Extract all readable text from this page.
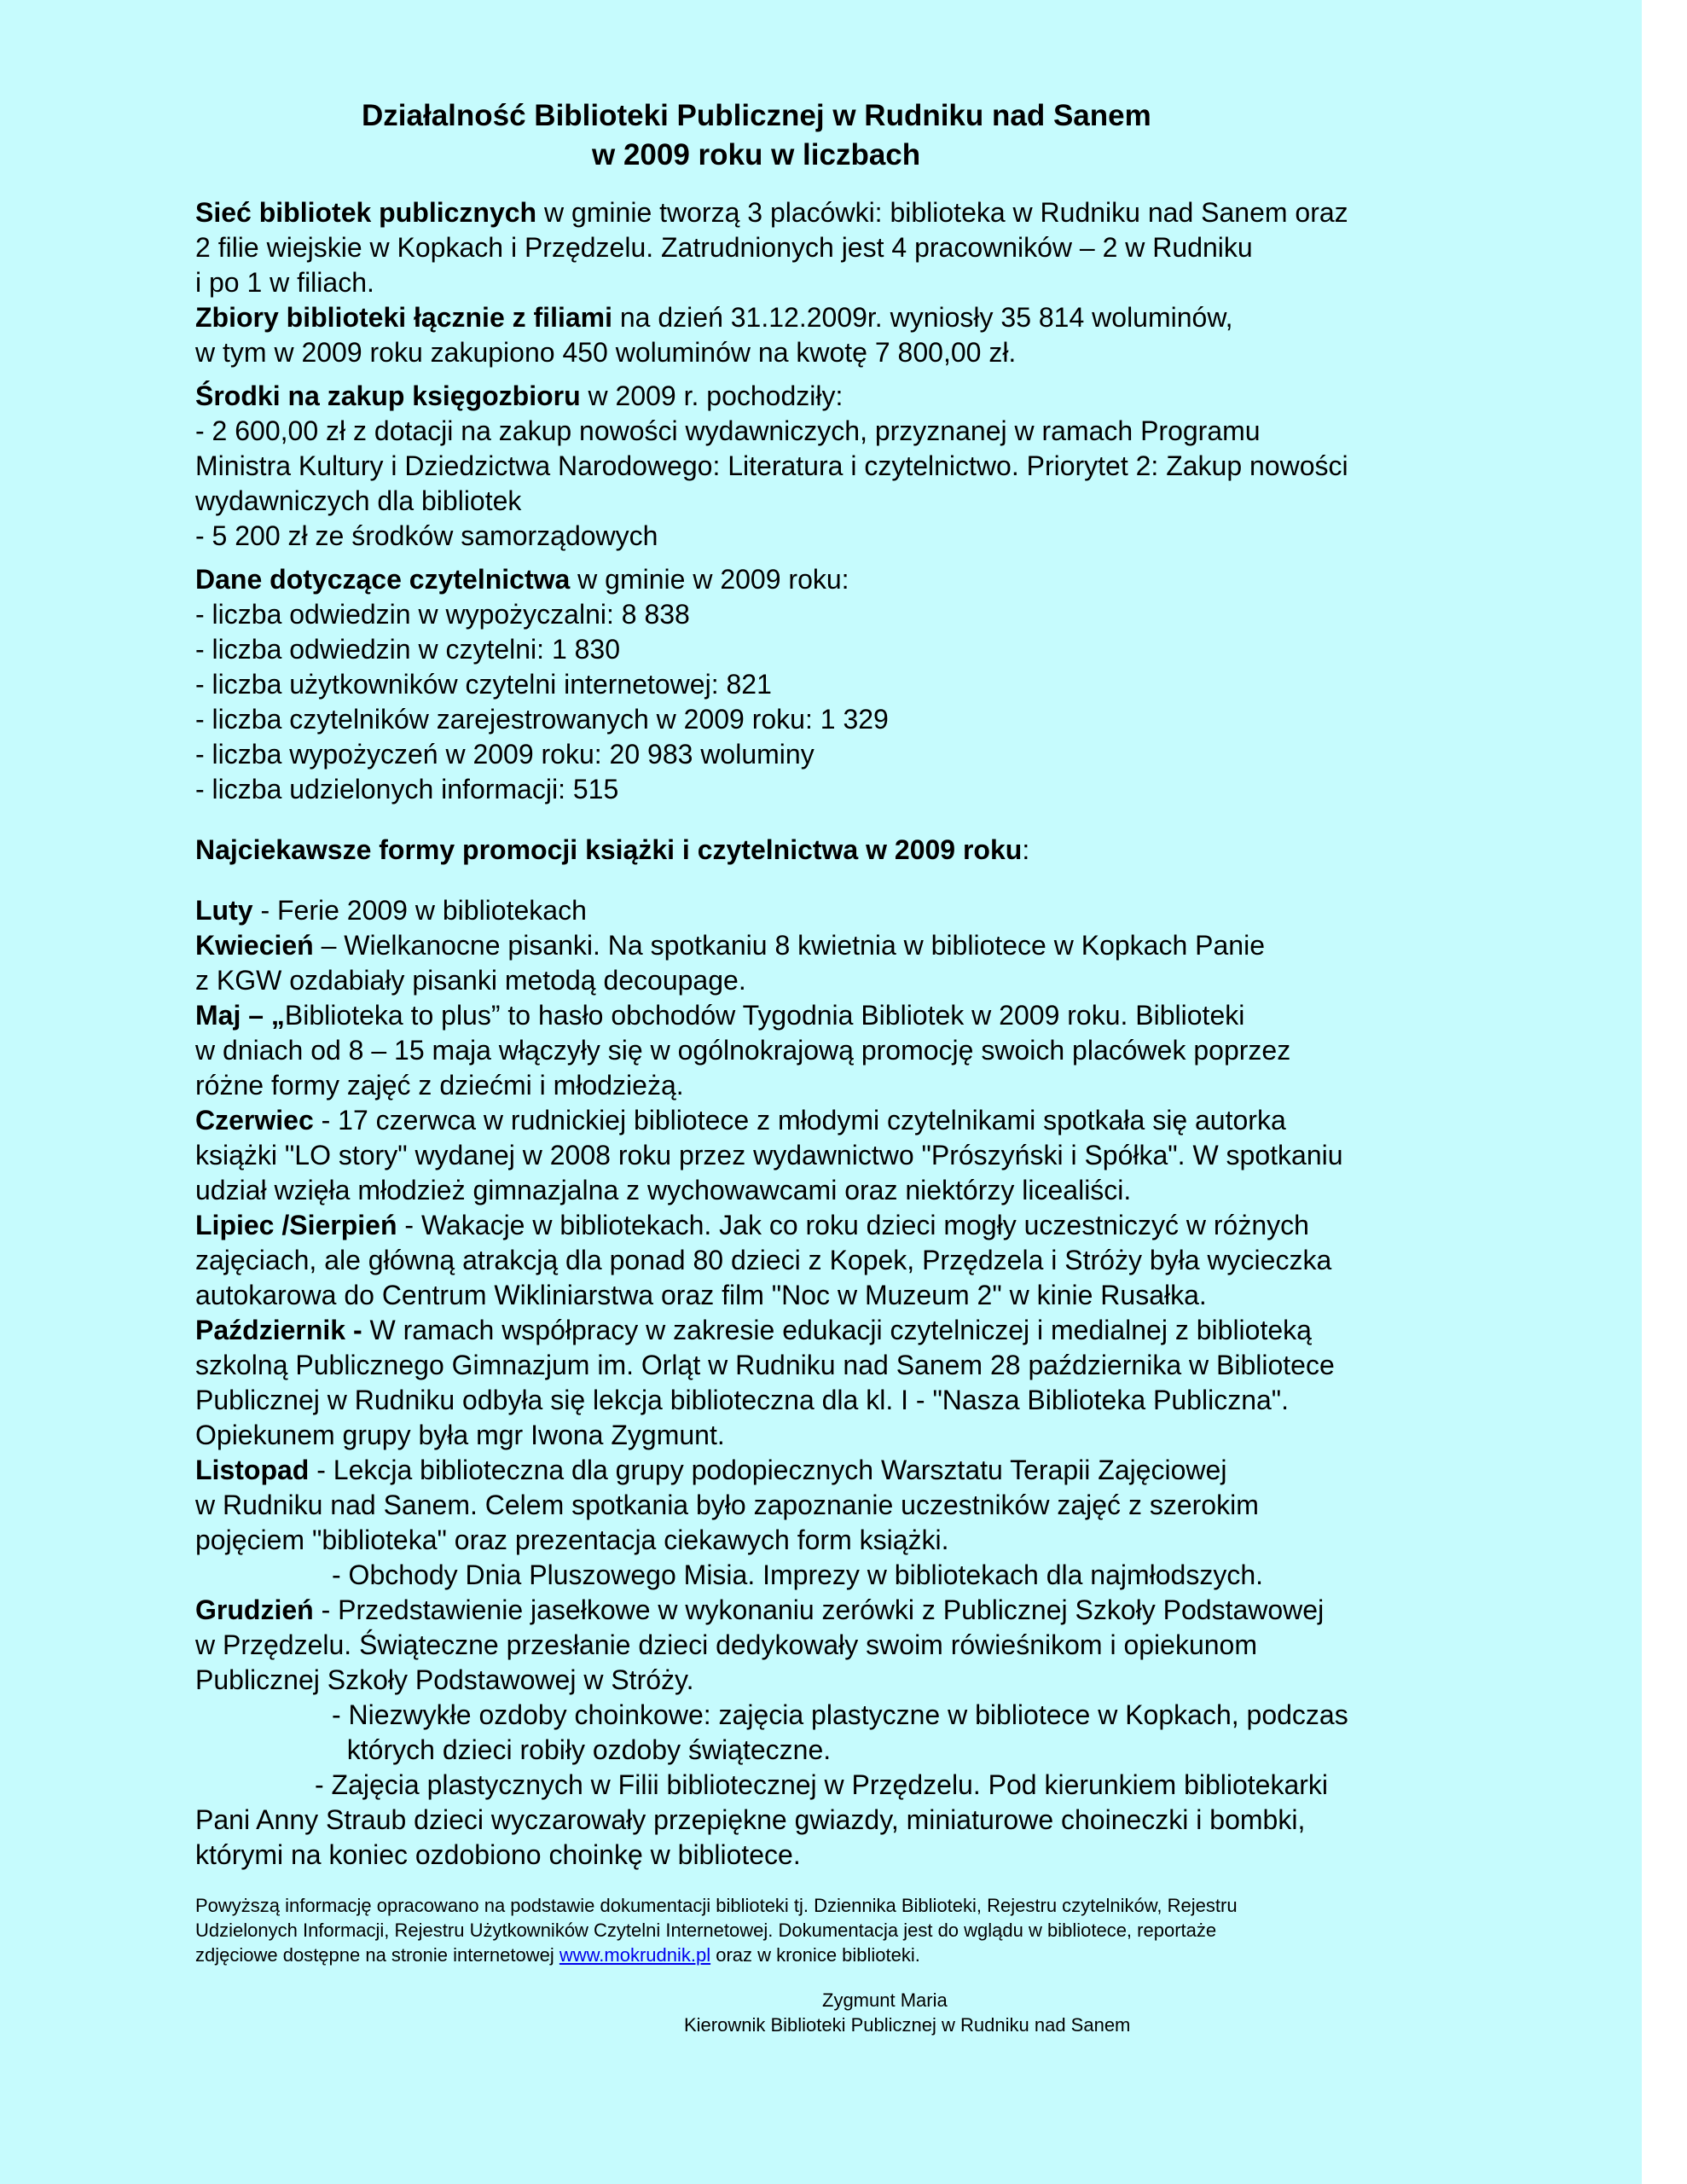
Działalność Biblioteki Publicznej w Rudniku nad Sanem

w 2009 roku w liczbach

Sieć bibliotek publicznych w gminie tworzą 3 placówki: biblioteka w Rudniku nad Sanem oraz

2 filie wiejskie w Kopkach i Przędzelu. Zatrudnionych jest 4 pracowników – 2 w Rudniku

i po 1 w filiach.

Zbiory biblioteki łącznie z filiami na dzień 31.12.2009r. wyniosły 35 814 woluminów,

w tym w 2009 roku zakupiono 450 woluminów na kwotę 7 800,00 zł.

Środki na zakup księgozbioru w 2009 r. pochodziły:

- 2 600,00 zł z dotacji na zakup nowości wydawniczych, przyznanej w ramach Programu

Ministra Kultury i Dziedzictwa Narodowego: Literatura i czytelnictwo. Priorytet 2: Zakup nowości

wydawniczych dla bibliotek

- 5 200 zł ze środków samorządowych

Dane dotyczące czytelnictwa w gminie w 2009 roku:

- liczba odwiedzin w wypożyczalni: 8 838

- liczba odwiedzin w czytelni: 1 830

- liczba użytkowników czytelni internetowej: 821

- liczba czytelników zarejestrowanych w 2009 roku: 1 329

- liczba wypożyczeń w 2009 roku: 20 983 woluminy

- liczba udzielonych informacji: 515

Najciekawsze formy promocji książki i czytelnictwa w 2009 roku:

Luty - Ferie 2009 w bibliotekach

Kwiecień – Wielkanocne pisanki. Na spotkaniu 8 kwietnia w bibliotece w Kopkach Panie

z KGW ozdabiały pisanki metodą decoupage.

Maj – „Biblioteka to plus” to hasło obchodów Tygodnia Bibliotek w 2009 roku. Biblioteki

w dniach od 8 – 15 maja włączyły się w ogólnokrajową promocję swoich placówek poprzez

różne formy zajęć z dziećmi i młodzieżą.

Czerwiec - 17 czerwca w rudnickiej bibliotece z młodymi czytelnikami spotkała się autorka

książki "LO story" wydanej w 2008 roku przez wydawnictwo "Prószyński i Spółka". W spotkaniu

udział wzięła młodzież gimnazjalna z wychowawcami oraz niektórzy licealiści.

Lipiec /Sierpień - Wakacje w bibliotekach. Jak co roku dzieci mogły uczestniczyć w różnych

zajęciach, ale główną atrakcją dla ponad 80 dzieci z Kopek, Przędzela i Stróży była wycieczka

autokarowa do Centrum Wikliniarstwa oraz film "Noc w Muzeum 2" w kinie Rusałka.

Październik - W ramach współpracy w zakresie edukacji czytelniczej i medialnej z biblioteką

szkolną Publicznego Gimnazjum im. Orląt w Rudniku nad Sanem 28 października w Bibliotece

Publicznej w Rudniku odbyła się lekcja biblioteczna dla kl. I - "Nasza Biblioteka Publiczna".

Opiekunem grupy była mgr Iwona Zygmunt.

Listopad - Lekcja biblioteczna dla grupy podopiecznych Warsztatu Terapii Zajęciowej

w Rudniku nad Sanem. Celem spotkania było zapoznanie uczestników zajęć z szerokim

pojęciem "biblioteka" oraz prezentacja ciekawych form książki.

- Obchody Dnia Pluszowego Misia. Imprezy w bibliotekach dla najmłodszych.

Grudzień - Przedstawienie jasełkowe w wykonaniu zerówki z Publicznej Szkoły Podstawowej

w Przędzelu. Świąteczne przesłanie dzieci dedykowały swoim rówieśnikom i opiekunom

Publicznej Szkoły Podstawowej w Stróży.

- Niezwykłe ozdoby choinkowe: zajęcia plastyczne w bibliotece w Kopkach, podczas

których dzieci robiły ozdoby świąteczne.

- Zajęcia plastycznych w Filii bibliotecznej w Przędzelu. Pod kierunkiem bibliotekarki

Pani Anny Straub dzieci wyczarowały przepiękne gwiazdy, miniaturowe choineczki i bombki,

którymi na koniec ozdobiono choinkę w bibliotece.

Powyższą informację opracowano na podstawie dokumentacji biblioteki tj. Dziennika Biblioteki, Rejestru czytelników, Rejestru

Udzielonych Informacji, Rejestru Użytkowników Czytelni Internetowej. Dokumentacja jest do wglądu w bibliotece, reportaże

zdjęciowe dostępne na stronie internetowej www.mokrudnik.pl oraz w kronice biblioteki.

Zygmunt Maria

Kierownik Biblioteki Publicznej w Rudniku nad Sanem
